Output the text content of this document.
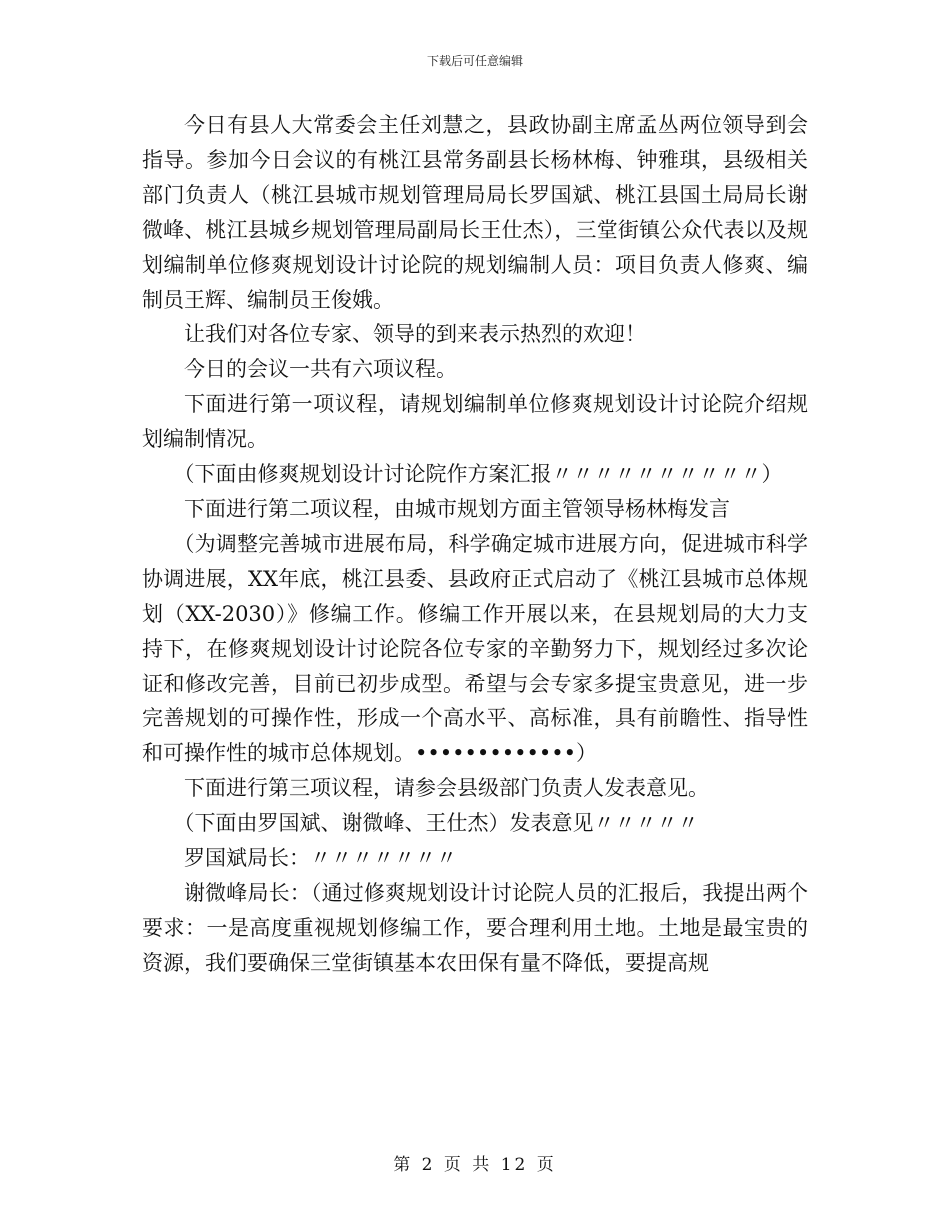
下载后可任意编辑

今日有县人大常委会主任刘慧之，县政协副主席孟丛两位领导到会指导。参加今日会议的有桃江县常务副县长杨林梅、钟雅琪，县级相关部门负责人（桃江县城市规划管理局局长罗国斌、桃江县国土局局长谢微峰、桃江县城乡规划管理局副局长王仕杰），三堂街镇公众代表以及规划编制单位修爽规划设计讨论院的规划编制人员：项目负责人修爽、编制员王辉、编制员王俊娥。

让我们对各位专家、领导的到来表示热烈的欢迎！

今日的会议一共有六项议程。

下面进行第一项议程，请规划编制单位修爽规划设计讨论院介绍规划编制情况。

（下面由修爽规划设计讨论院作方案汇报〃〃〃〃〃〃〃〃〃〃）

下面进行第二项议程，由城市规划方面主管领导杨林梅发言

（为调整完善城市进展布局，科学确定城市进展方向，促进城市科学协调进展，XX年底，桃江县委、县政府正式启动了《桃江县城市总体规划（XX-2030）》修编工作。修编工作开展以来，在县规划局的大力支持下，在修爽规划设计讨论院各位专家的辛勤努力下，规划经过多次论证和修改完善，目前已初步成型。希望与会专家多提宝贵意见，进一步完善规划的可操作性，形成一个高水平、高标准，具有前瞻性、指导性和可操作性的城市总体规划。•••••••••••••）

下面进行第三项议程，请参会县级部门负责人发表意见。

（下面由罗国斌、谢微峰、王仕杰）发表意见〃〃〃〃〃

罗国斌局长：〃〃〃〃〃〃〃

谢微峰局长：（通过修爽规划设计讨论院人员的汇报后，我提出两个要求：一是高度重视规划修编工作，要合理利用土地。土地是最宝贵的资源，我们要确保三堂街镇基本农田保有量不降低，要提高规

第 2 页 共 12 页
